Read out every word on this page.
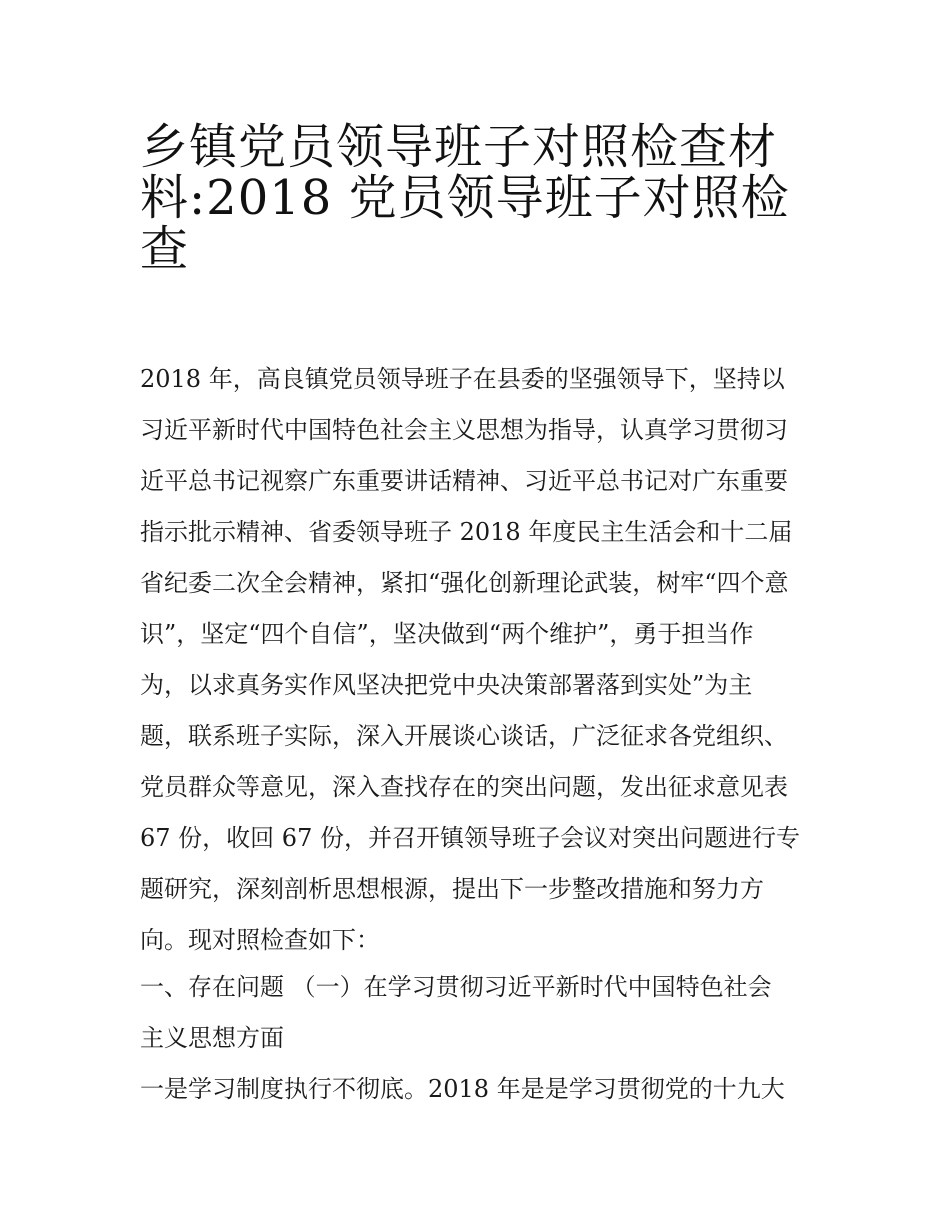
乡镇党员领导班子对照检查材
料:2018 党员领导班子对照检
查

2018 年，高良镇党员领导班子在县委的坚强领导下，坚持以
习近平新时代中国特色社会主义思想为指导，认真学习贯彻习
近平总书记视察广东重要讲话精神、习近平总书记对广东重要
指示批示精神、省委领导班子 2018 年度民主生活会和十二届
省纪委二次全会精神，紧扣“强化创新理论武装，树牢“四个意
识”，坚定“四个自信”，坚决做到“两个维护”，勇于担当作
为，以求真务实作风坚决把党中央决策部署落到实处”为主
题，联系班子实际，深入开展谈心谈话，广泛征求各党组织、
党员群众等意见，深入查找存在的突出问题，发出征求意见表
67 份，收回 67 份，并召开镇领导班子会议对突出问题进行专
题研究，深刻剖析思想根源，提出下一步整改措施和努力方
向。现对照检查如下：

一、存在问题 （一）在学习贯彻习近平新时代中国特色社会
主义思想方面

一是学习制度执行不彻底。2018 年是是学习贯彻党的十九大
